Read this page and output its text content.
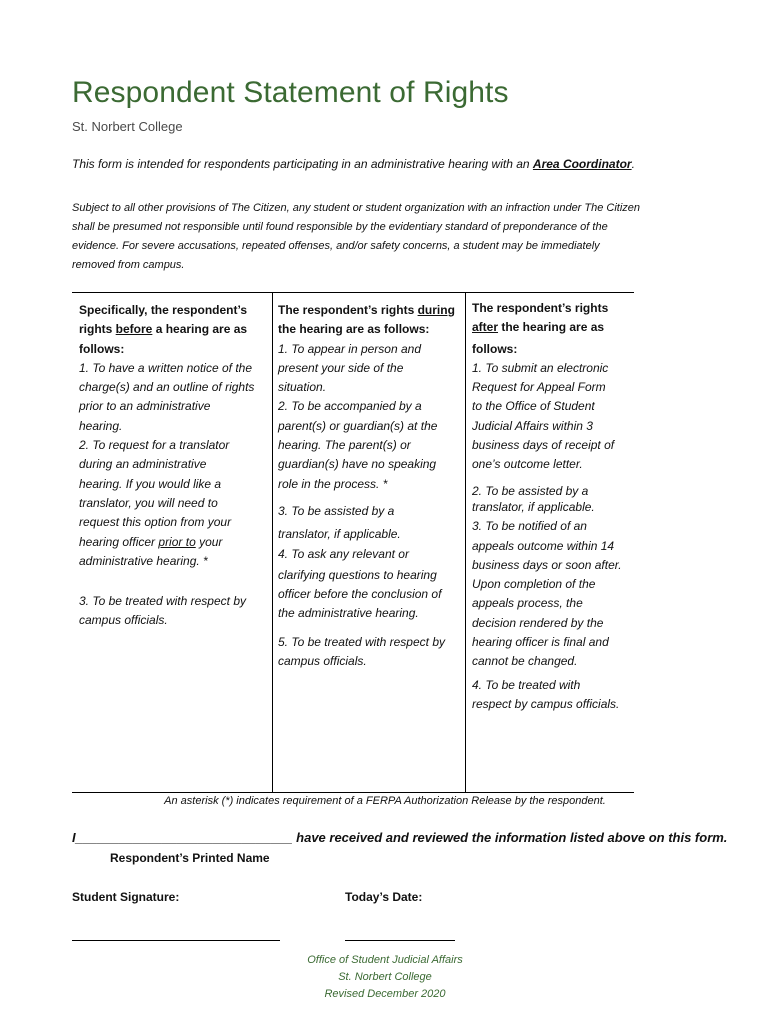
Respondent Statement of Rights
St. Norbert College
This form is intended for respondents participating in an administrative hearing with an Area Coordinator.
Subject to all other provisions of The Citizen, any student or student organization with an infraction under The Citizen
shall be presumed not responsible until found responsible by the evidentiary standard of preponderance of the
evidence. For severe accusations, repeated offenses, and/or safety concerns, a student may be immediately
removed from campus.

Specifically, the respondent’s

rights before a hearing are as

follows:

1. To have a written notice of the

charge(s) and an outline of rights

prior to an administrative

hearing.

2. To request for a translator

during an administrative

hearing. If you would like a

translator, you will need to

request this option from your

hearing officer prior to your

administrative hearing. *

3. To be treated with respect by

campus officials.

The respondent’s rights during

the hearing are as follows:

1. To appear in person and

present your side of the

situation.

2. To be accompanied by a

parent(s) or guardian(s) at the

hearing. The parent(s) or

guardian(s) have no speaking

role in the process. *

3. To be assisted by a

translator, if applicable.

4. To ask any relevant or

clarifying questions to hearing

officer before the conclusion of

the administrative hearing.

5. To be treated with respect by

campus officials.

The respondent’s rights

after the hearing are as

follows:

1. To submit an electronic

Request for Appeal Form

to the Office of Student

Judicial Affairs within 3

business days of receipt of

one’s outcome letter.

2. To be assisted by a

translator, if applicable.

3. To be notified of an

appeals outcome within 14

business days or soon after.

Upon completion of the

appeals process, the

decision rendered by the

hearing officer is final and

cannot be changed.

4. To be treated with

respect by campus officials.

An asterisk (*) indicates requirement of a FERPA Authorization Release by the respondent.
I______________________________ have received and reviewed the information listed above on this form.
Respondent’s Printed Name
Student Signature:	Today’s Date:
Office of Student Judicial Affairs
St. Norbert College
Revised December 2020
